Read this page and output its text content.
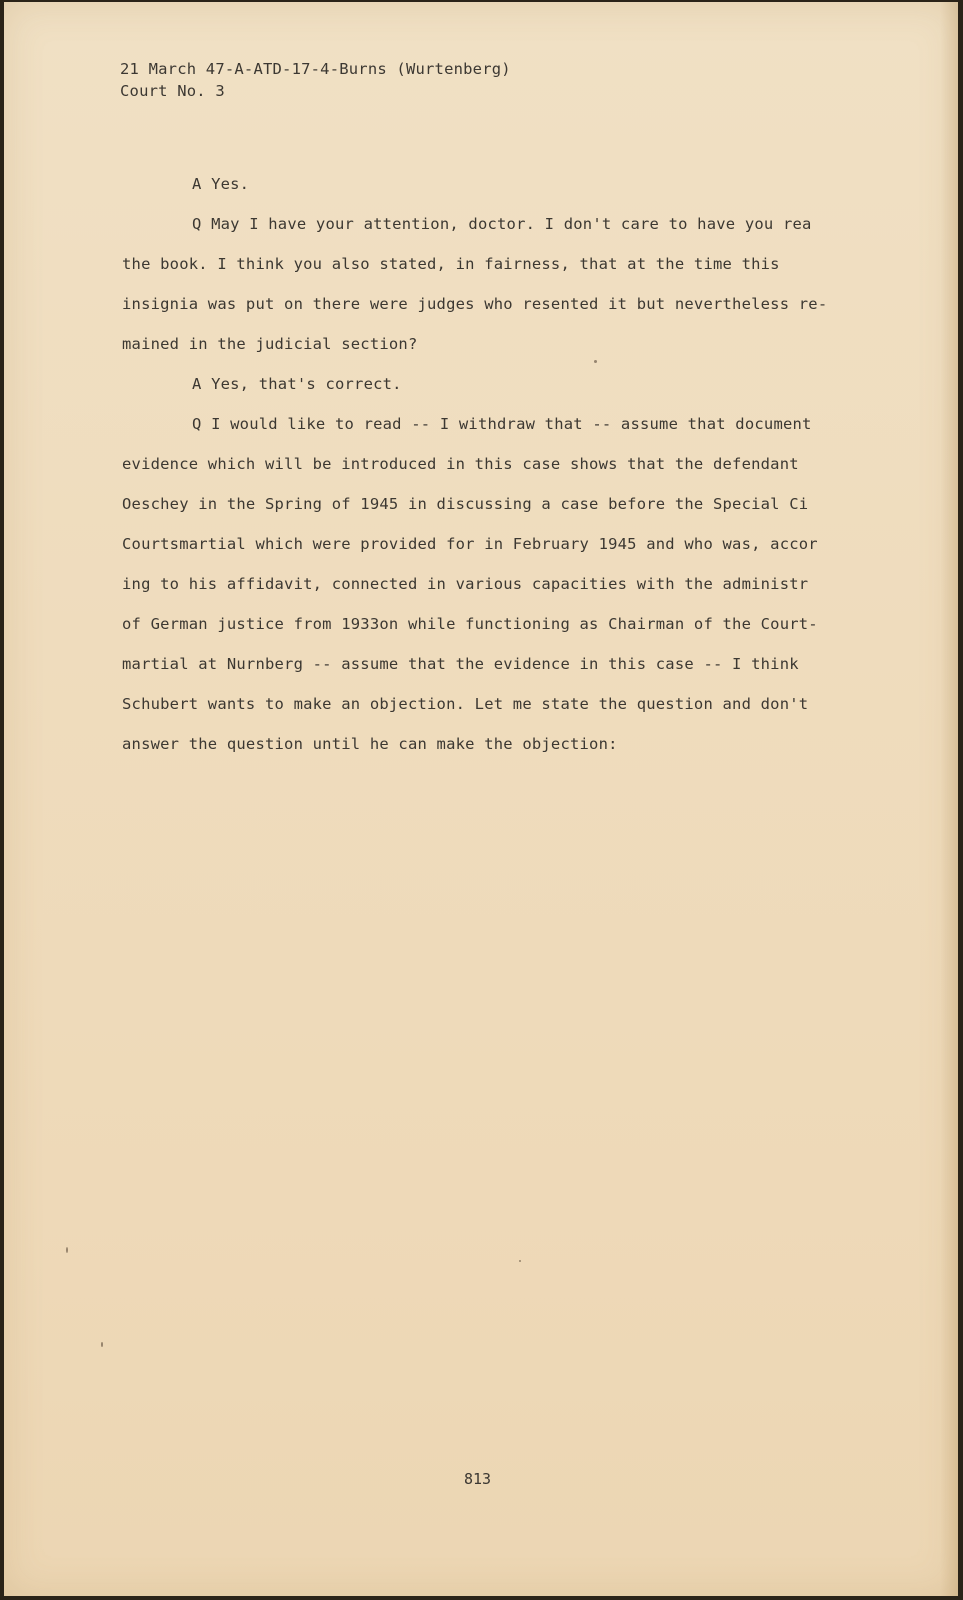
21 March 47-A-ATD-17-4-Burns (Wurtenberg)
Court No. 3
A Yes.
Q May I have your attention, doctor. I don't care to have you rea
the book. I think you also stated, in fairness, that at the time this
insignia was put on there were judges who resented it but nevertheless re-
mained in the judicial section?
A Yes, that's correct.
Q I would like to read -- I withdraw that -- assume that document
evidence which will be introduced in this case shows that the defendant
Oeschey in the Spring of 1945 in discussing a case before the Special Ci
Courtsmartial which were provided for in February 1945 and who was, accor
ing to his affidavit, connected in various capacities with the administr
of German justice from 1933on while functioning as Chairman of the Court-
martial at Nurnberg -- assume that the evidence in this case -- I think
Schubert wants to make an objection. Let me state the question and don't
answer the question until he can make the objection:
813
